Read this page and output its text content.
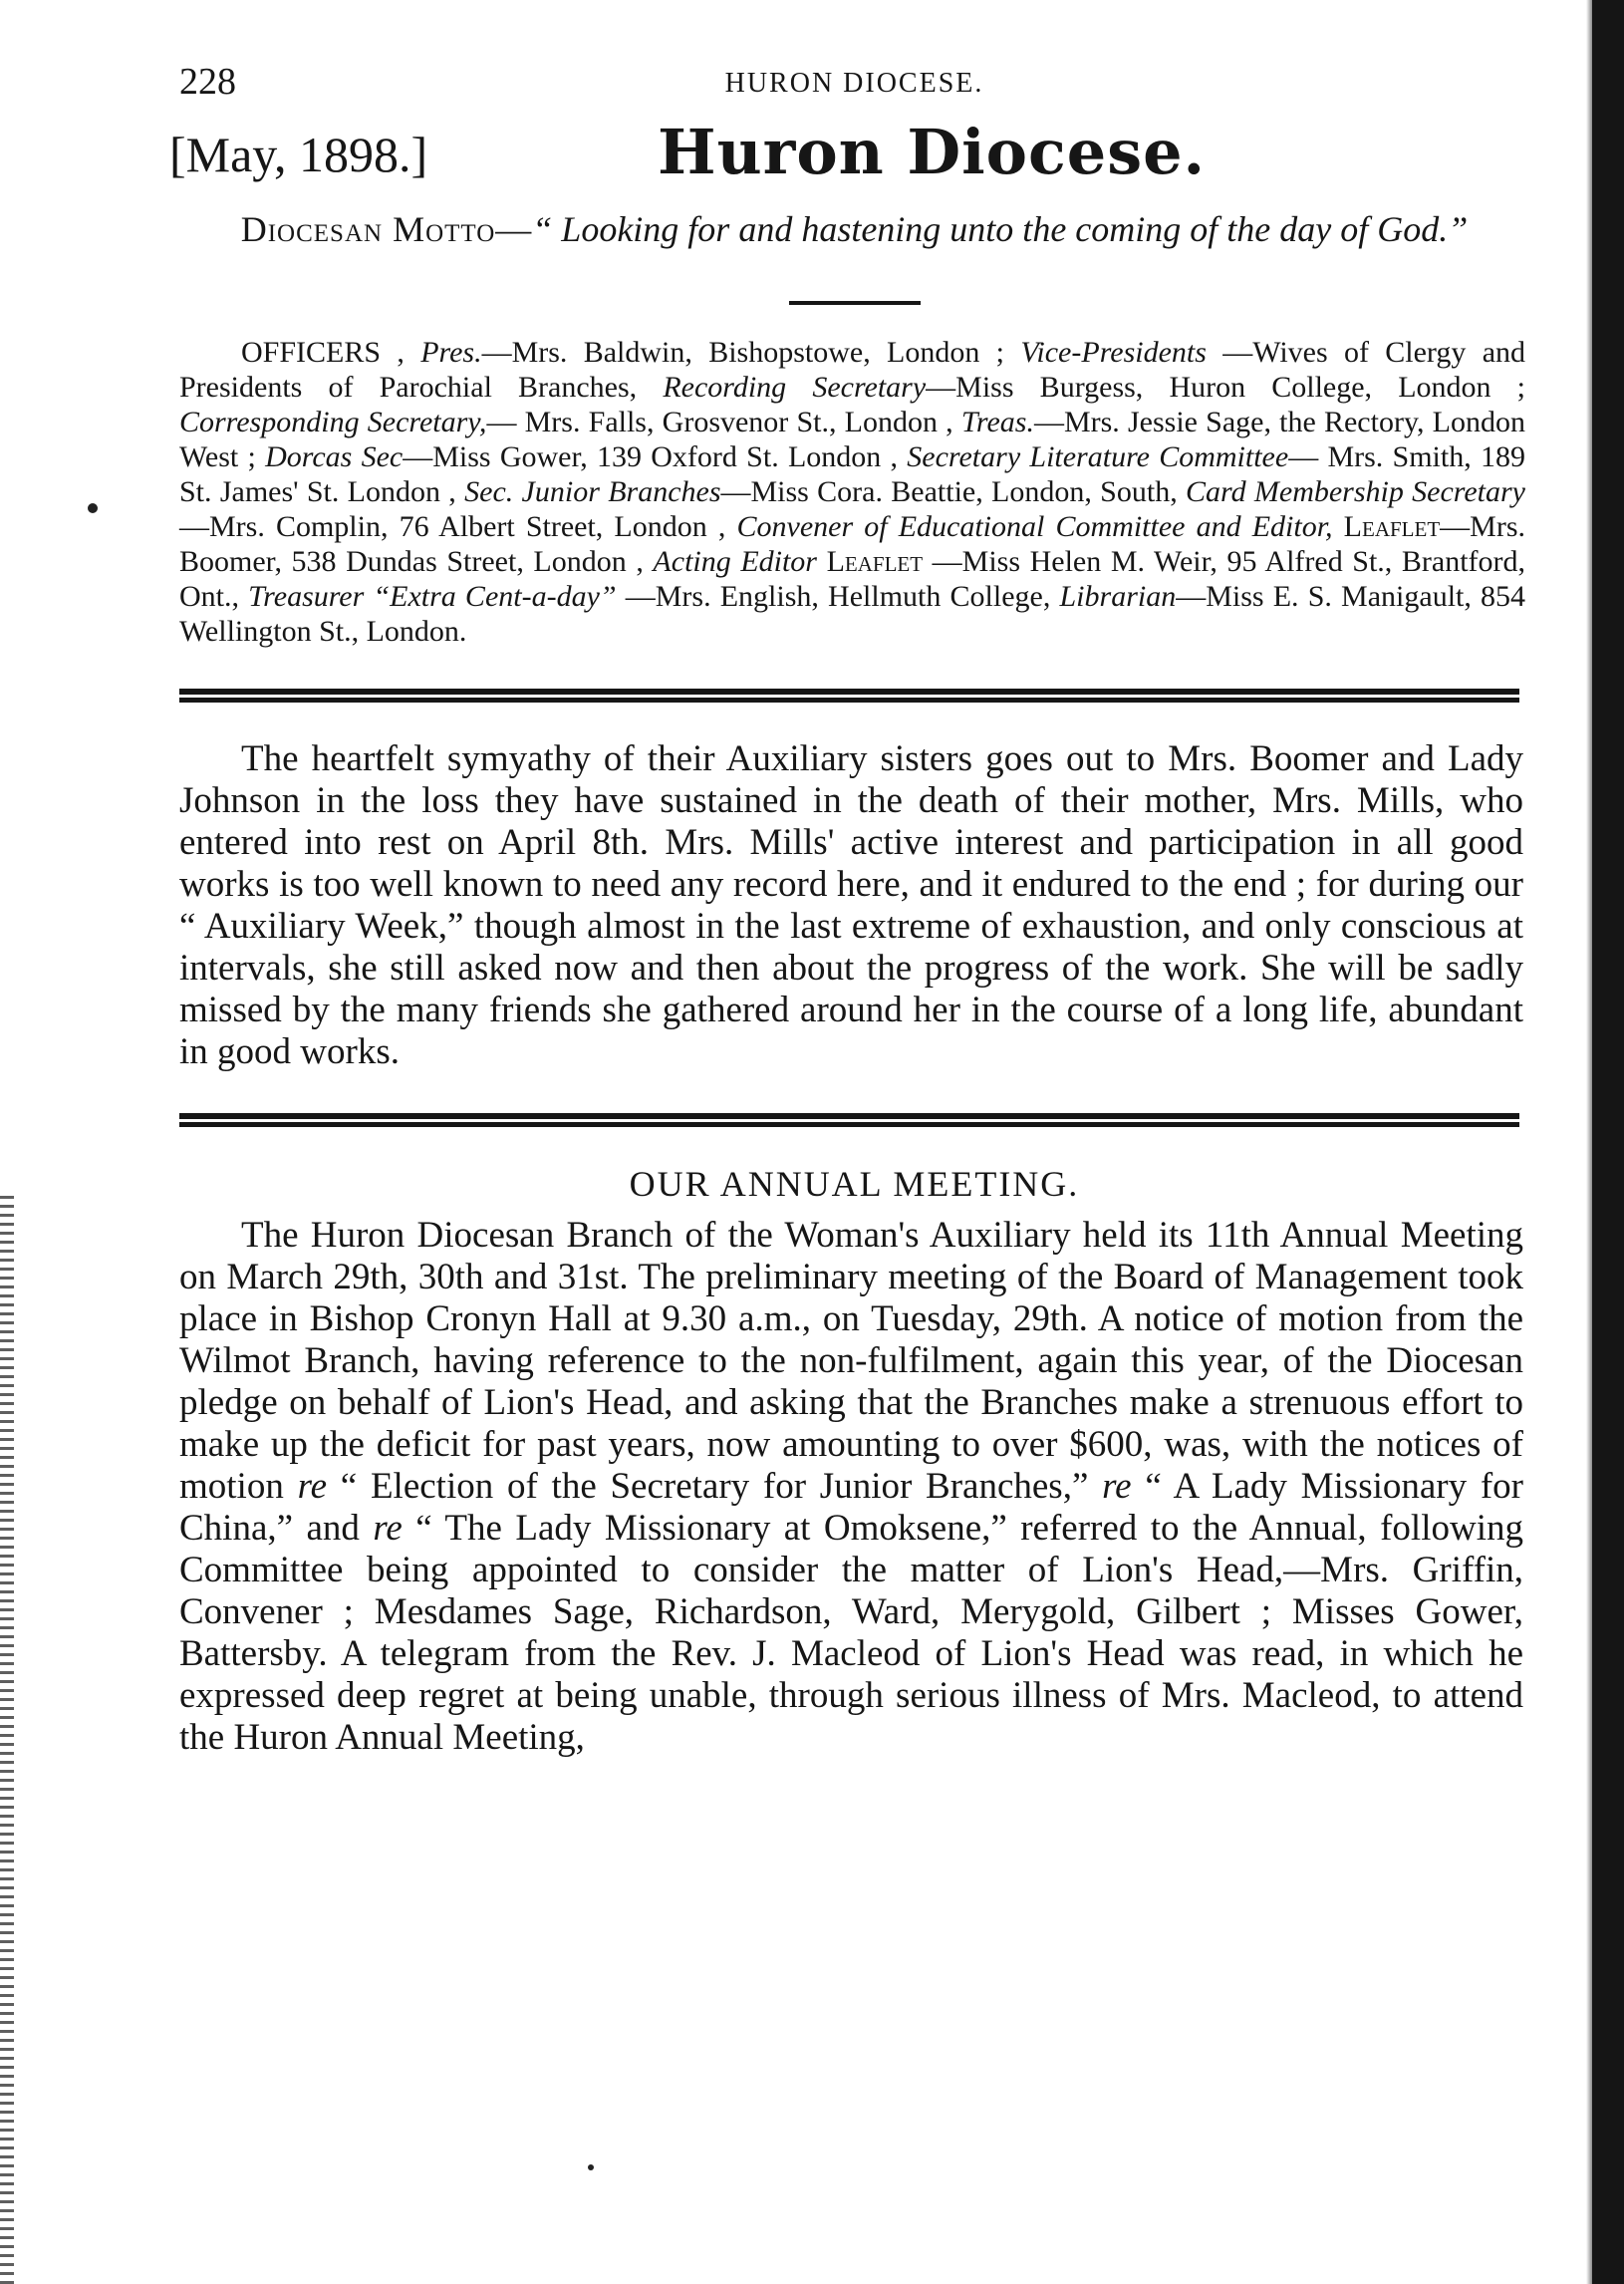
228	HURON DIOCESE.
[May, 1898.]	Huron Diocese.
Diocesan Motto—“ Looking for and hastening unto the coming of the day of God.”

OFFICERS , Pres.—Mrs. Baldwin, Bishopstowe, London ; Vice-Presidents —Wives of Clergy and Presidents of Parochial Branches, Recording Secretary—Miss Burgess, Huron College, London ; Corresponding Secretary,— Mrs. Falls, Grosvenor St., London , Treas.—Mrs. Jessie Sage, the Rectory, London West ; Dorcas Sec—Miss Gower, 139 Oxford St. London , Secretary Literature Committee— Mrs. Smith, 189 St. James' St. London , Sec. Junior Branches—Miss Cora. Beattie, London, South, Card Membership Secretary—Mrs. Complin, 76 Albert Street, London , Convener of Educational Committee and Editor, Leaflet—Mrs. Boomer, 538 Dundas Street, London , Acting Editor Leaflet —Miss Helen M. Weir, 95 Alfred St., Brantford, Ont., Treasurer “Extra Cent-a-day” —Mrs. English, Hellmuth College, Librarian—Miss E. S. Manigault, 854 Wellington St., London.

The heartfelt symyathy of their Auxiliary sisters goes out to Mrs. Boomer and Lady Johnson in the loss they have sustained in the death of their mother, Mrs. Mills, who entered into rest on April 8th. Mrs. Mills' active interest and participation in all good works is too well known to need any record here, and it endured to the end ; for during our “ Auxiliary Week,” though almost in the last extreme of exhaustion, and only conscious at intervals, she still asked now and then about the progress of the work. She will be sadly missed by the many friends she gathered around her in the course of a long life, abundant in good works.

OUR ANNUAL MEETING.

The Huron Diocesan Branch of the Woman's Auxiliary held its 11th Annual Meeting on March 29th, 30th and 31st. The preliminary meeting of the Board of Management took place in Bishop Cronyn Hall at 9.30 a.m., on Tuesday, 29th. A notice of motion from the Wilmot Branch, having reference to the non-fulfilment, again this year, of the Diocesan pledge on behalf of Lion's Head, and asking that the Branches make a strenuous effort to make up the deficit for past years, now amounting to over $600, was, with the notices of motion re “ Election of the Secretary for Junior Branches,” re “ A Lady Missionary for China,” and re “ The Lady Missionary at Omoksene,” referred to the Annual, following Committee being appointed to consider the matter of Lion's Head,—Mrs. Griffin, Convener ; Mesdames Sage, Richardson, Ward, Merygold, Gilbert ; Misses Gower, Battersby. A telegram from the Rev. J. Macleod of Lion's Head was read, in which he expressed deep regret at being unable, through serious illness of Mrs. Macleod, to attend the Huron Annual Meeting,
